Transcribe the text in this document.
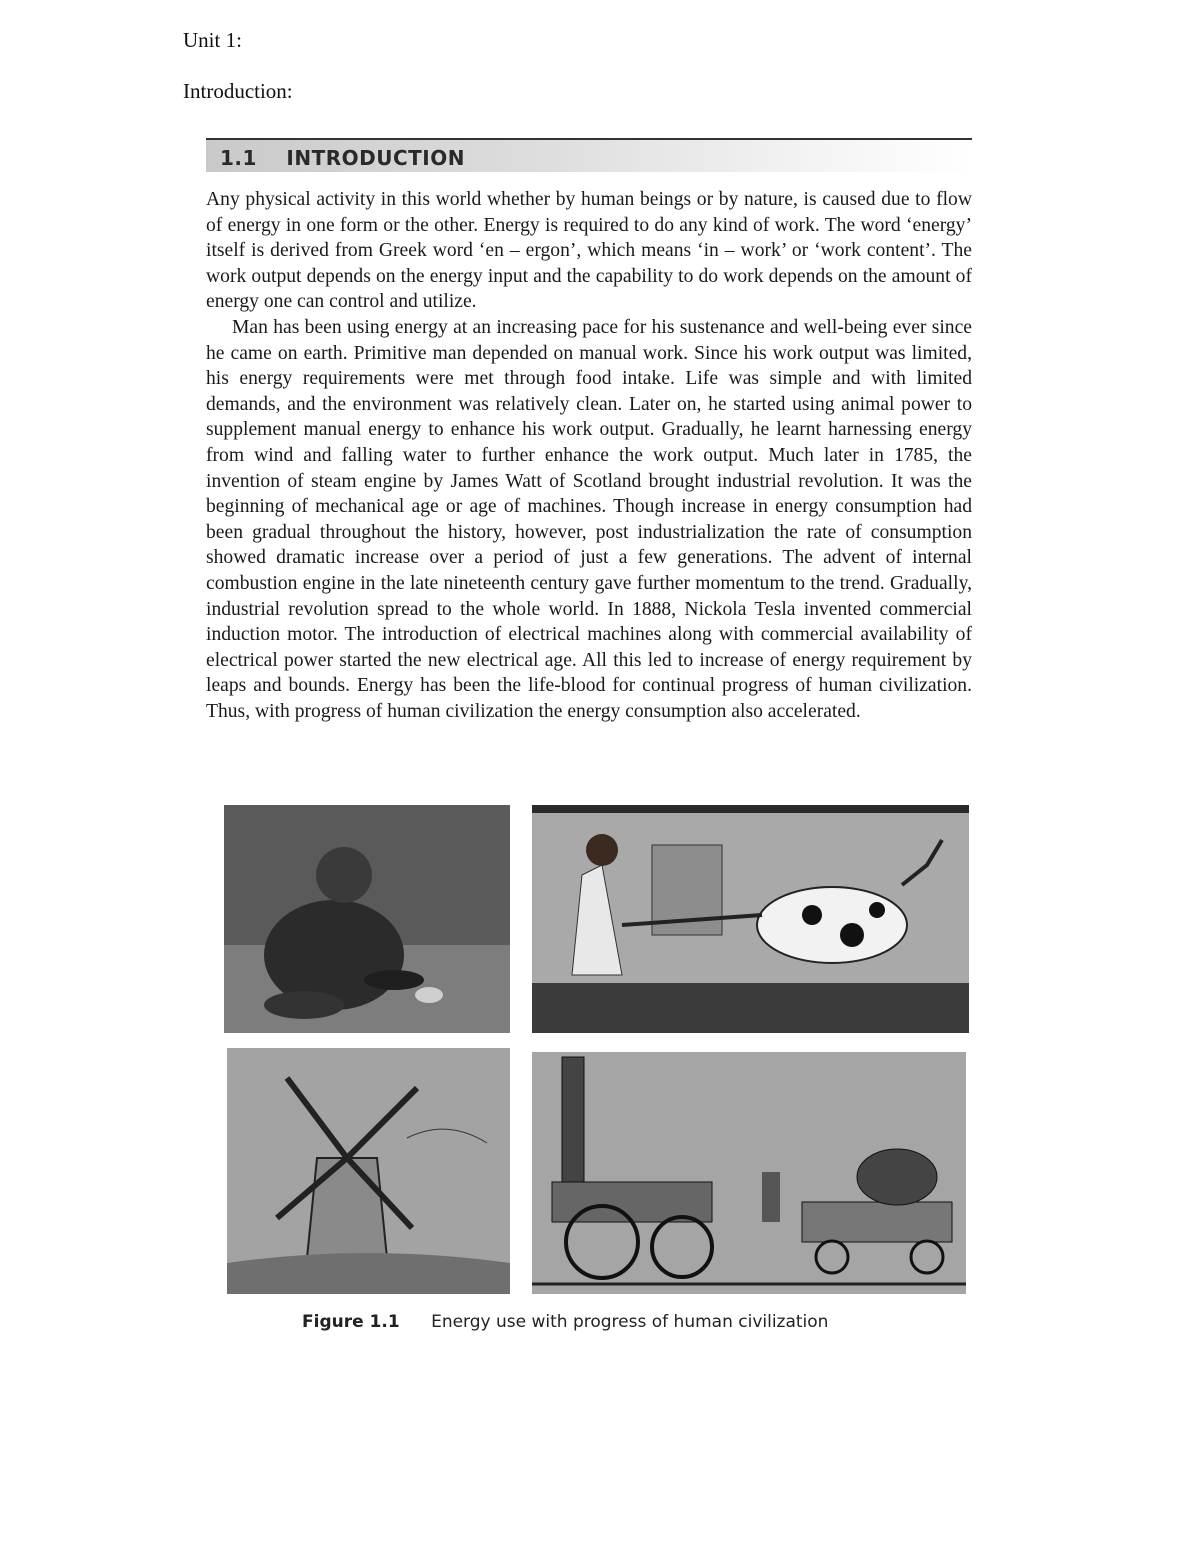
Unit 1:
Introduction:
1.1 INTRODUCTION

Any physical activity in this world whether by human beings or by nature, is caused due to flow of energy in one form or the other. Energy is required to do any kind of work. The word ‘energy’ itself is derived from Greek word ‘en – ergon’, which means ‘in – work’ or ‘work content’. The work output depends on the energy input and the capability to do work depends on the amount of energy one can control and utilize.

Man has been using energy at an increasing pace for his sustenance and well-being ever since he came on earth. Primitive man depended on manual work. Since his work output was limited, his energy requirements were met through food intake. Life was simple and with limited demands, and the environment was relatively clean. Later on, he started using animal power to supplement manual energy to enhance his work output. Gradually, he learnt harnessing energy from wind and falling water to further enhance the work output. Much later in 1785, the invention of steam engine by James Watt of Scotland brought industrial revolution. It was the beginning of mechanical age or age of machines. Though increase in energy consumption had been gradual throughout the history, however, post industrialization the rate of consumption showed dramatic increase over a period of just a few generations. The advent of internal combustion engine in the late nineteenth century gave further momentum to the trend. Gradually, industrial revolution spread to the whole world. In 1888, Nickola Tesla invented commercial induction motor. The introduction of electrical machines along with commercial availability of electrical power started the new electrical age. All this led to increase of energy requirement by leaps and bounds. Energy has been the life-blood for continual progress of human civilization. Thus, with progress of human civilization the energy consumption also accelerated.

Figure 1.1 Energy use with progress of human civilization
